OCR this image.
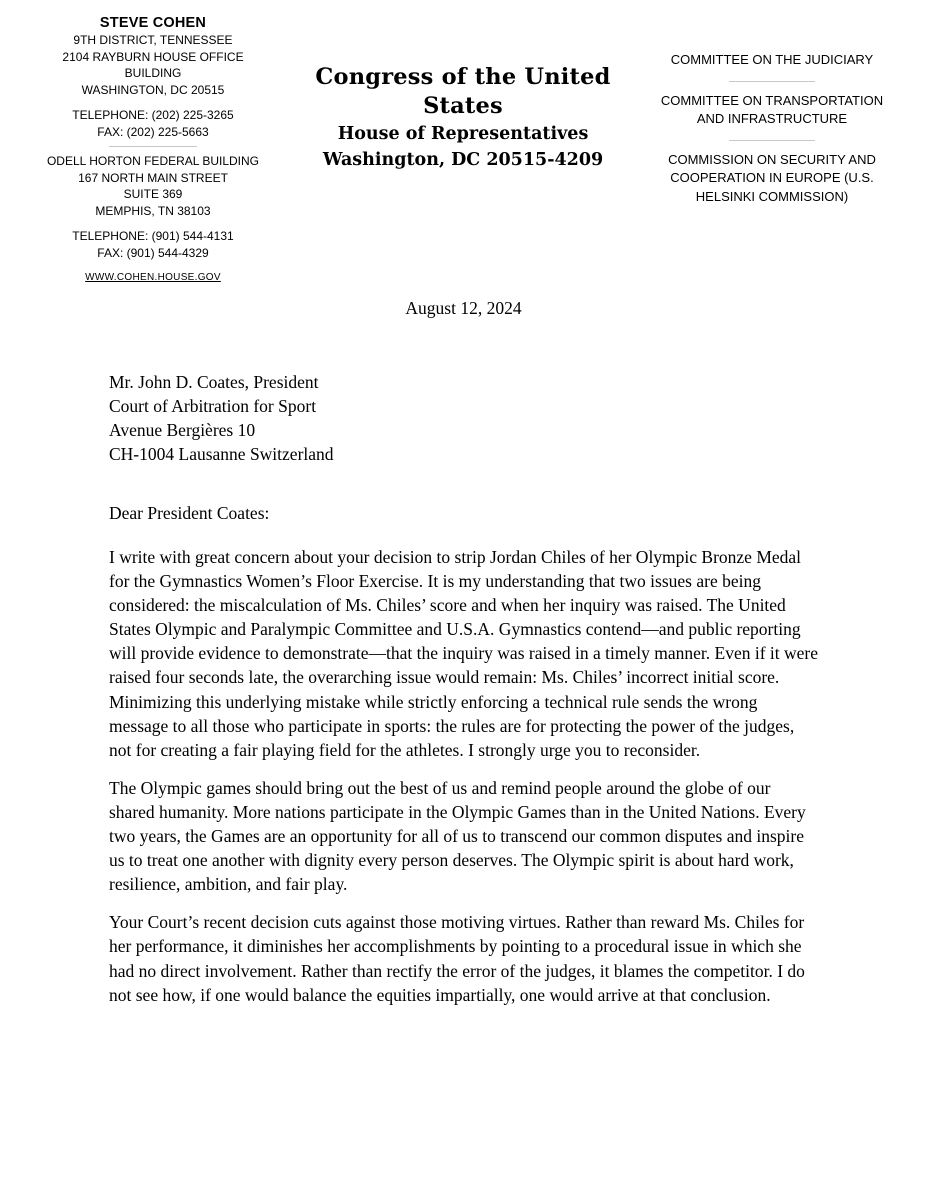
STEVE COHEN
9TH DISTRICT, TENNESSEE
2104 RAYBURN HOUSE OFFICE BUILDING
WASHINGTON, DC 20515
TELEPHONE: (202) 225-3265
FAX: (202) 225-5663
ODELL HORTON FEDERAL BUILDING
167 NORTH MAIN STREET
SUITE 369
MEMPHIS, TN 38103
TELEPHONE: (901) 544-4131
FAX: (901) 544-4329
WWW.COHEN.HOUSE.GOV
Congress of the United States
House of Representatives
Washington, DC 20515-4209
COMMITTEE ON THE JUDICIARY
COMMITTEE ON TRANSPORTATION AND INFRASTRUCTURE
COMMISSION ON SECURITY AND COOPERATION IN EUROPE (U.S. HELSINKI COMMISSION)
August 12, 2024
Mr. John D. Coates, President
Court of Arbitration for Sport
Avenue Bergières 10
CH-1004 Lausanne Switzerland
Dear President Coates:

I write with great concern about your decision to strip Jordan Chiles of her Olympic Bronze Medal for the Gymnastics Women’s Floor Exercise. It is my understanding that two issues are being considered: the miscalculation of Ms. Chiles’ score and when her inquiry was raised. The United States Olympic and Paralympic Committee and U.S.A. Gymnastics contend—and public reporting will provide evidence to demonstrate—that the inquiry was raised in a timely manner. Even if it were raised four seconds late, the overarching issue would remain: Ms. Chiles’ incorrect initial score. Minimizing this underlying mistake while strictly enforcing a technical rule sends the wrong message to all those who participate in sports: the rules are for protecting the power of the judges, not for creating a fair playing field for the athletes. I strongly urge you to reconsider.

The Olympic games should bring out the best of us and remind people around the globe of our shared humanity. More nations participate in the Olympic Games than in the United Nations. Every two years, the Games are an opportunity for all of us to transcend our common disputes and inspire us to treat one another with dignity every person deserves. The Olympic spirit is about hard work, resilience, ambition, and fair play.

Your Court’s recent decision cuts against those motiving virtues. Rather than reward Ms. Chiles for her performance, it diminishes her accomplishments by pointing to a procedural issue in which she had no direct involvement. Rather than rectify the error of the judges, it blames the competitor. I do not see how, if one would balance the equities impartially, one would arrive at that conclusion.
